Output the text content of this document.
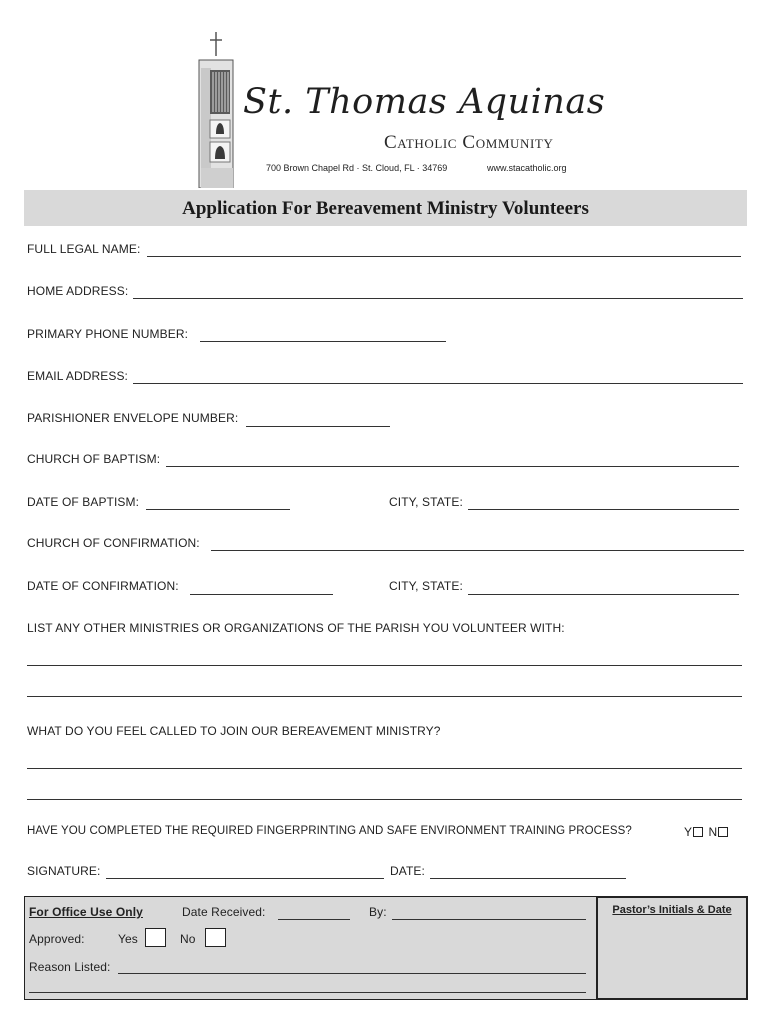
St. Thomas Aquinas
Catholic Community
700 Brown Chapel Rd · St. Cloud, FL · 34769	www.stacatholic.org
Application For Bereavement Ministry Volunteers
FULL LEGAL NAME:
HOME ADDRESS:
PRIMARY PHONE NUMBER:
EMAIL ADDRESS:
PARISHIONER ENVELOPE NUMBER:
CHURCH OF BAPTISM:
DATE OF BAPTISM:	CITY, STATE:
CHURCH OF CONFIRMATION:
DATE OF CONFIRMATION:	CITY, STATE:
LIST ANY OTHER MINISTRIES OR ORGANIZATIONS OF THE PARISH YOU VOLUNTEER WITH:
WHAT DO YOU FEEL CALLED TO JOIN OUR BEREAVEMENT MINISTRY?
HAVE YOU COMPLETED THE REQUIRED FINGERPRINTING AND SAFE ENVIRONMENT TRAINING PROCESS?	Y N
SIGNATURE:	DATE:
For Office Use Only	Date Received:	By:
Approved:	Yes	No
Reason Listed:
Pastor’s Initials & Date
